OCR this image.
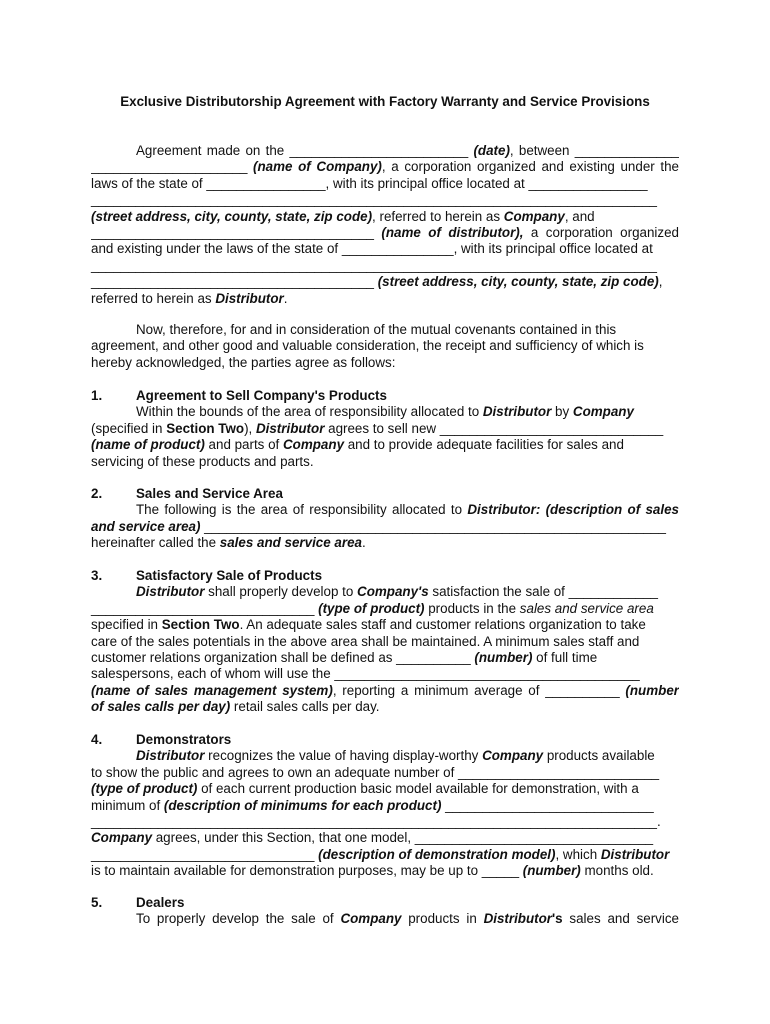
Exclusive Distributorship Agreement with Factory Warranty and Service Provisions
Agreement made on the ________________________ (date), between ______________
_____________________ (name of Company), a corporation organized and existing under the
laws of the state of ________________, with its principal office located at ________________
____________________________________________________________________________
(street address, city, county, state, zip code), referred to herein as Company, and
______________________________________ (name of distributor), a corporation organized
and existing under the laws of the state of _______________, with its principal office located at
____________________________________________________________________________
______________________________________ (street address, city, county, state, zip code),
referred to herein as Distributor.
Now, therefore, for and in consideration of the mutual covenants contained in this
agreement, and other good and valuable consideration, the receipt and sufficiency of which is
hereby acknowledged, the parties agree as follows:
1.	Agreement to Sell Company's Products
Within the bounds of the area of responsibility allocated to Distributor by Company
(specified in Section Two), Distributor agrees to sell new ______________________________
(name of product) and parts of Company and to provide adequate facilities for sales and
servicing of these products and parts.
2.	Sales and Service Area
The following is the area of responsibility allocated to Distributor: (description of sales
and service area) ______________________________________________________________
hereinafter called the sales and service area.
3.	Satisfactory Sale of Products
Distributor shall properly develop to Company's satisfaction the sale of ____________
______________________________ (type of product) products in the sales and service area
specified in Section Two. An adequate sales staff and customer relations organization to take
care of the sales potentials in the above area shall be maintained. A minimum sales staff and
customer relations organization shall be defined as __________ (number) of full time
salespersons, each of whom will use the _________________________________________
(name of sales management system), reporting a minimum average of __________ (number
of sales calls per day) retail sales calls per day.
4.	Demonstrators
Distributor recognizes the value of having display-worthy Company products available
to show the public and agrees to own an adequate number of ___________________________
(type of product) of each current production basic model available for demonstration, with a
minimum of (description of minimums for each product) ____________________________
____________________________________________________________________________.
Company agrees, under this Section, that one model, ________________________________
______________________________ (description of demonstration model), which Distributor
is to maintain available for demonstration purposes, may be up to _____ (number) months old.
5.	Dealers
To properly develop the sale of Company products in Distributor's sales and service
